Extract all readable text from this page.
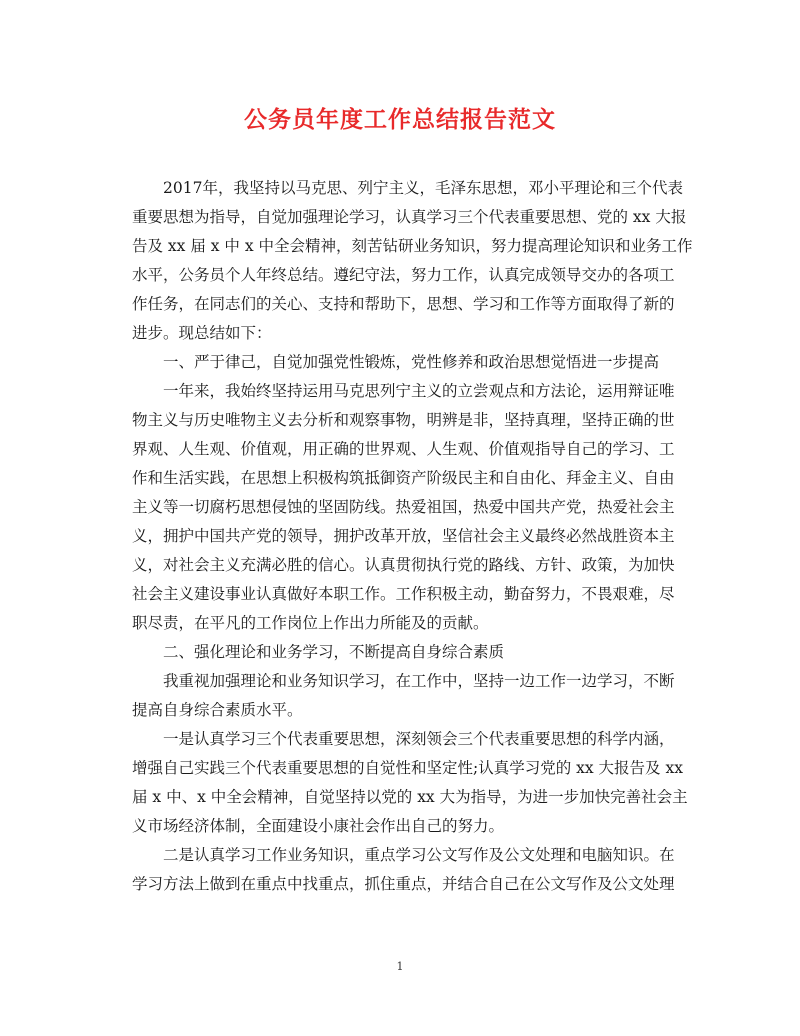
公务员年度工作总结报告范文
2017年，我坚持以马克思、列宁主义，毛泽东思想，邓小平理论和三个代表
重要思想为指导，自觉加强理论学习，认真学习三个代表重要思想、党的 xx 大报
告及 xx 届 x 中 x 中全会精神，刻苦钻研业务知识，努力提高理论知识和业务工作
水平，公务员个人年终总结。遵纪守法，努力工作，认真完成领导交办的各项工
作任务，在同志们的关心、支持和帮助下，思想、学习和工作等方面取得了新的
进步。现总结如下：
一、严于律己，自觉加强党性锻炼，党性修养和政治思想觉悟进一步提高
一年来，我始终坚持运用马克思列宁主义的立尝观点和方法论，运用辩证唯
物主义与历史唯物主义去分析和观察事物，明辨是非，坚持真理，坚持正确的世
界观、人生观、价值观，用正确的世界观、人生观、价值观指导自己的学习、工
作和生活实践，在思想上积极构筑抵御资产阶级民主和自由化、拜金主义、自由
主义等一切腐朽思想侵蚀的坚固防线。热爱祖国，热爱中国共产党，热爱社会主
义，拥护中国共产党的领导，拥护改革开放，坚信社会主义最终必然战胜资本主
义，对社会主义充满必胜的信心。认真贯彻执行党的路线、方针、政策，为加快
社会主义建设事业认真做好本职工作。工作积极主动，勤奋努力，不畏艰难，尽
职尽责，在平凡的工作岗位上作出力所能及的贡献。
二、强化理论和业务学习，不断提高自身综合素质
我重视加强理论和业务知识学习，在工作中，坚持一边工作一边学习，不断
提高自身综合素质水平。
一是认真学习三个代表重要思想，深刻领会三个代表重要思想的科学内涵，
增强自己实践三个代表重要思想的自觉性和坚定性;认真学习党的 xx 大报告及 xx
届 x 中、x 中全会精神，自觉坚持以党的 xx 大为指导，为进一步加快完善社会主
义市场经济体制，全面建设小康社会作出自己的努力。
二是认真学习工作业务知识，重点学习公文写作及公文处理和电脑知识。在
学习方法上做到在重点中找重点，抓住重点，并结合自己在公文写作及公文处理
1
